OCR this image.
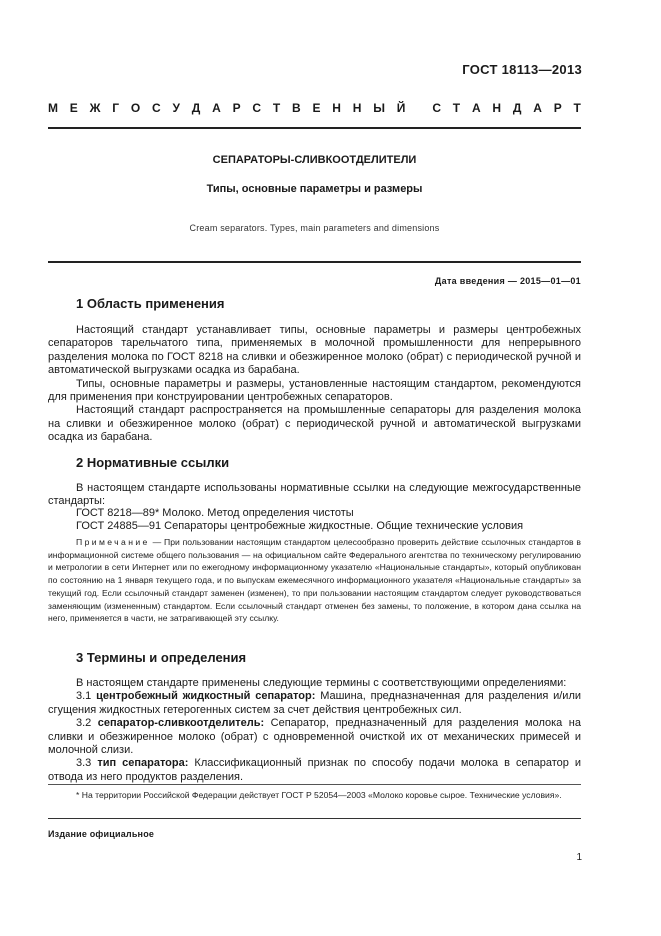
ГОСТ 18113—2013
М Е Ж Г О С У Д А Р С Т В Е Н Н Ы Й
С Т А Н Д А Р Т
СЕПАРАТОРЫ-СЛИВКООТДЕЛИТЕЛИ
Типы, основные параметры и размеры
Cream separators. Types, main parameters and dimensions
Дата введения — 2015—01—01
1 Область применения

Настоящий стандарт устанавливает типы, основные параметры и размеры центробежных сепараторов тарельчатого типа, применяемых в молочной промышленности для непрерывного разделения молока по ГОСТ 8218 на сливки и обезжиренное молоко (обрат) с периодической ручной и автоматической выгрузками осадка из барабана.

Типы, основные параметры и размеры, установленные настоящим стандартом, рекомендуются для применения при конструировании центробежных сепараторов.

Настоящий стандарт распространяется на промышленные сепараторы для разделения молока на сливки и обезжиренное молоко (обрат) с периодической ручной и автоматической выгрузками осадка из барабана.

2 Нормативные ссылки

В настоящем стандарте использованы нормативные ссылки на следующие межгосударственные стандарты:

ГОСТ 8218—89* Молоко. Метод определения чистоты
ГОСТ 24885—91 Сепараторы центробежные жидкостные. Общие технические условия

Примечание — При пользовании настоящим стандартом целесообразно проверить действие ссылочных стандартов в информационной системе общего пользования — на официальном сайте Федерального агентства по техническому регулированию и метрологии в сети Интернет или по ежегодному информационному указателю «Национальные стандарты», который опубликован по состоянию на 1 января текущего года, и по выпускам ежемесячного информационного указателя «Национальные стандарты» за текущий год. Если ссылочный стандарт заменен (изменен), то при пользовании настоящим стандартом следует руководствоваться заменяющим (измененным) стандартом. Если ссылочный стандарт отменен без замены, то положение, в котором дана ссылка на него, применяется в части, не затрагивающей эту ссылку.

3 Термины и определения

В настоящем стандарте применены следующие термины с соответствующими определениями:

3.1 центробежный жидкостный сепаратор: Машина, предназначенная для разделения и/или сгущения жидкостных гетерогенных систем за счет действия центробежных сил.

3.2 сепаратор-сливкоотделитель: Сепаратор, предназначенный для разделения молока на сливки и обезжиренное молоко (обрат) с одновременной очисткой их от механических примесей и молочной слизи.

3.3 тип сепаратора: Классификационный признак по способу подачи молока в сепаратор и отвода из него продуктов разделения.

* На территории Российской Федерации действует ГОСТ Р 52054—2003 «Молоко коровье сырое. Технические условия».

Издание официальное
1
